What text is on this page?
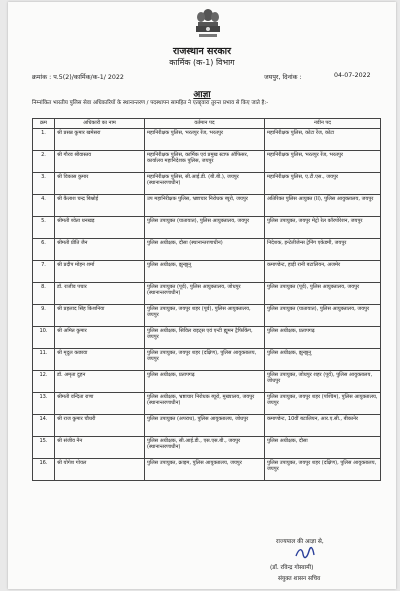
राजस्थान सरकार
कार्मिक (क-1) विभाग
क्रमांक : प.5(2)/कार्मिक/क-1/ 2022	जयपुर, दिनांक :	04-07-2022
आज्ञा
निम्नांकित भारतीय पुलिस सेवा अधिकारियों के स्थानान्तरण / पदस्थापन सामहित ने एतद्द्वारा तुरन्त प्रभाव से किए जाते है:-
क्रम	अधिकारी का नाम	वर्तमान पद	नवीन पद
1.	श्री प्रसन्न कुमार खमेसरा	महानिरीक्षक पुलिस, भरतपुर रेंज, भरतपुर	महानिरीक्षक पुलिस, कोटा रेंज, कोटा
2.	श्री गौरव श्रीवास्तव	महानिरीक्षक पुलिस, कार्मिक एवं प्रमुख स्टाफ ऑफिसर, कार्यालय महानिदेशक पुलिस, जयपुर	महानिरीक्षक पुलिस, भरतपुर रेंज, भरतपुर
3.	श्री विकास कुमार	महानिरीक्षक पुलिस, सी.आई.डी. (बी.बी.), जयपुर (स्थानान्तरणाधीन)	महानिरीक्षक पुलिस, ए.टी.एस., जयपुर
4.	श्री कैलाश चन्द्र बिश्नोई	उप महानिरीक्षक पुलिस, भ्रष्टाचार निरोधक ब्यूरो, जयपुर	अतिरिक्त पुलिस आयुक्त (II), पुलिस आयुक्तालय, जयपुर
5.	श्रीमती श्वेता धनखड़	पुलिस उपायुक्त (यातायात), पुलिस आयुक्तालय, जयपुर	पुलिस उपायुक्त, जयपुर मेट्रो रेल कॉरपोरेशन, जयपुर
6.	श्रीमती प्रीति जैन	पुलिस अधीक्षक, दौसा (स्थानान्तरणाधीन)	निदेशक, इन्टेलीजेन्स ट्रेनिंग एकेडमी, जयपुर
7.	श्री प्रदीप मोहन शर्मा	पुलिस अधीक्षक, झुन्झुनू	कमाण्डेन्ट, हाड़ी रानी बटालियन, अजमेर
8.	डॉ. राजीव पचार	पुलिस उपायुक्त (पूर्व), पुलिस आयुक्तालय, जोधपुर (स्थानान्तरणाधीन)	पुलिस उपायुक्त (पूर्व), पुलिस आयुक्तालय, जयपुर
9.	श्री प्रहलाद सिंह किशनिया	पुलिस उपायुक्त, जयपुर शहर (पूर्व), पुलिस आयुक्तालय, जयपुर	पुलिस उपायुक्त (यातायात), पुलिस आयुक्तालय, जयपुर
10.	श्री अमित कुमार	पुलिस अधीक्षक, सिविल राइट्स एवं एन्टी ह्यूमन ट्रैफिकिंग, जयपुर	पुलिस अधीक्षक, प्रतापगढ़
11.	श्री मृदुल कछावा	पुलिस उपायुक्त, जयपुर शहर (दक्षिण), पुलिस आयुक्तालय, जयपुर	पुलिस अधीक्षक, झुन्झुनू
12.	डॉ. अमृता दुहन	पुलिस अधीक्षक, प्रतापगढ़	पुलिस उपायुक्त, जोधपुर शहर (पूर्व), पुलिस आयुक्तालय, जोधपुर
13.	श्रीमती वन्दिता राणा	पुलिस अधीक्षक, भ्रष्टाचार निरोधक ब्यूरो, मुख्यालय, जयपुर (स्थानान्तरणाधीन)	पुलिस उपायुक्त, जयपुर शहर (पश्चिम), पुलिस आयुक्तालय, जयपुर
14.	श्री राज कुमार चौधरी	पुलिस उपायुक्त (अपराध), पुलिस आयुक्तालय, जोधपुर	कमाण्डेन्ट, 10वीं बटालियन, आर.ए.सी., बीकानेर
15.	श्री संजीव नैन	पुलिस अधीक्षक, सी.आई.डी., एस.एस.बी., जयपुर (स्थानान्तरणाधीन)	पुलिस अधीक्षक, दौसा
16.	श्री योगेश गोयल	पुलिस उपायुक्त, क्राइम, पुलिस आयुक्तालय, जयपुर	पुलिस उपायुक्त, जयपुर शहर (दक्षिण), पुलिस आयुक्तालय, जयपुर
राज्यपाल की आज्ञा से,
(डॉ. रविन्द्र गोस्वामी)
संयुक्त शासन सचिव
